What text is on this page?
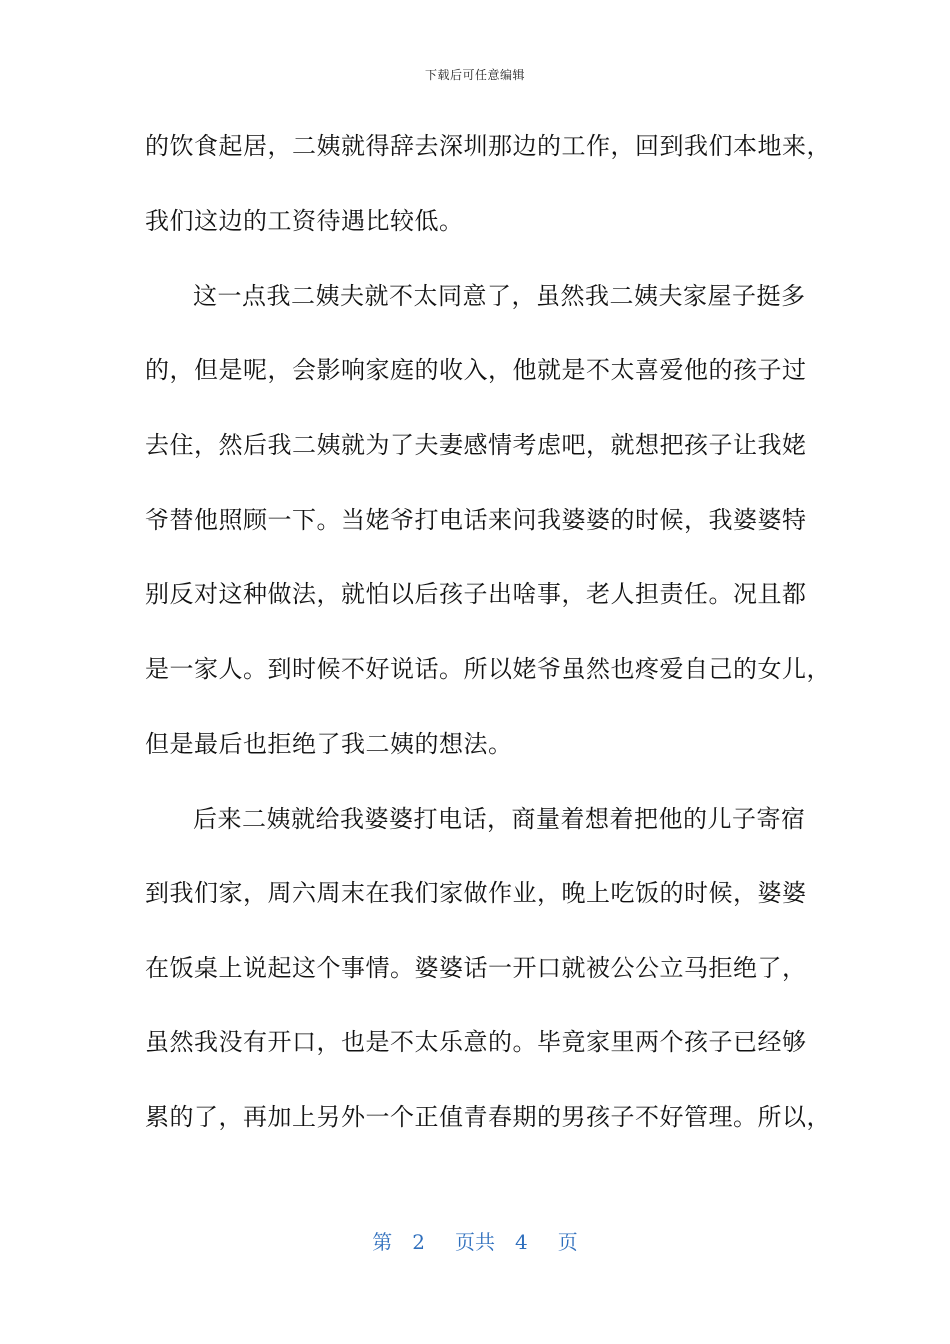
下载后可任意编辑
的饮食起居，二姨就得辞去深圳那边的工作，回到我们本地来，
我们这边的工资待遇比较低。
这一点我二姨夫就不太同意了，虽然我二姨夫家屋子挺多
的，但是呢，会影响家庭的收入，他就是不太喜爱他的孩子过
去住，然后我二姨就为了夫妻感情考虑吧，就想把孩子让我姥
爷替他照顾一下。当姥爷打电话来问我婆婆的时候，我婆婆特
别反对这种做法，就怕以后孩子出啥事，老人担责任。况且都
是一家人。到时候不好说话。所以姥爷虽然也疼爱自己的女儿，
但是最后也拒绝了我二姨的想法。
后来二姨就给我婆婆打电话，商量着想着把他的儿子寄宿
到我们家，周六周末在我们家做作业，晚上吃饭的时候，婆婆
在饭桌上说起这个事情。婆婆话一开口就被公公立马拒绝了，
虽然我没有开口，也是不太乐意的。毕竟家里两个孩子已经够
累的了，再加上另外一个正值青春期的男孩子不好管理。所以，
第 2 页共 4 页
